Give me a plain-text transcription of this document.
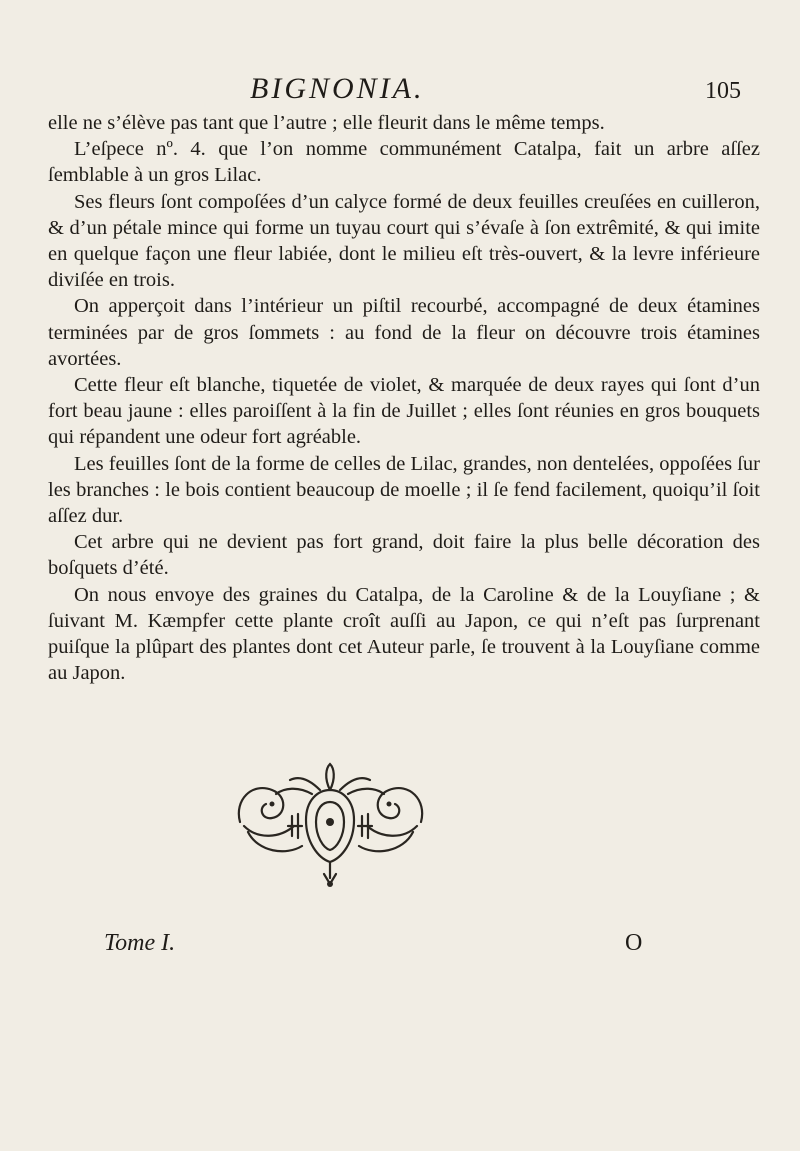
BIGNONIA.	105

elle ne s’élève pas tant que l’autre ; elle fleurit dans le même temps.

L’eſpece nº. 4. que l’on nomme communément Catalpa, fait un arbre aſſez ſemblable à un gros Lilac.

Ses fleurs ſont compoſées d’un calyce formé de deux feuilles creuſées en cuilleron, & d’un pétale mince qui forme un tuyau court qui s’évaſe à ſon extrêmité, & qui imite en quelque façon une fleur labiée, dont le milieu eſt très-ouvert, & la levre inférieure diviſée en trois.

On apperçoit dans l’intérieur un piſtil recourbé, accompagné de deux étamines terminées par de gros ſommets : au fond de la fleur on découvre trois étamines avortées.

Cette fleur eſt blanche, tiquetée de violet, & marquée de deux rayes qui ſont d’un fort beau jaune : elles paroiſſent à la fin de Juillet ; elles ſont réunies en gros bouquets qui répandent une odeur fort agréable.

Les feuilles ſont de la forme de celles de Lilac, grandes, non dentelées, oppoſées ſur les branches : le bois contient beaucoup de moelle ; il ſe fend facilement, quoiqu’il ſoit aſſez dur.

Cet arbre qui ne devient pas fort grand, doit faire la plus belle décoration des boſquets d’été.

On nous envoye des graines du Catalpa, de la Caroline & de la Louyſiane ; & ſuivant M. Kæmpfer cette plante croît auſſi au Japon, ce qui n’eſt pas ſurprenant puiſque la plûpart des plantes dont cet Auteur parle, ſe trouvent à la Louyſiane comme au Japon.

Tome I.	O
